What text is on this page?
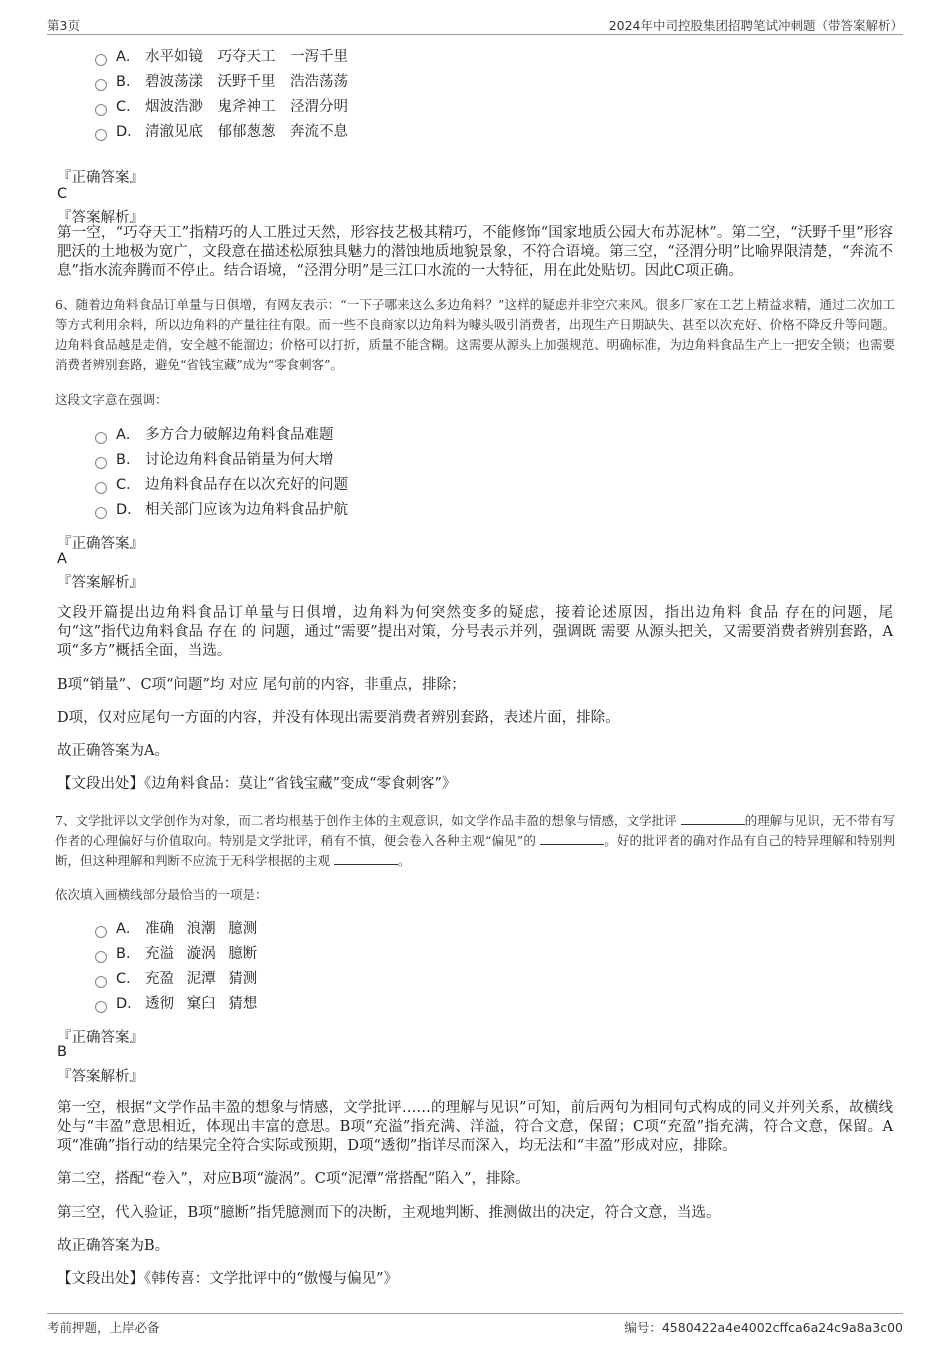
第3页	2024年中司控股集团招聘笔试冲刺题（带答案解析）
A． 水平如镜　巧夺天工　一泻千里
B． 碧波荡漾　沃野千里　浩浩荡荡
C． 烟波浩渺　鬼斧神工　泾渭分明
D． 清澈见底　郁郁葱葱　奔流不息
『正确答案』
C
『答案解析』

第一空，“巧夺天工”指精巧的人工胜过天然，形容技艺极其精巧，不能修饰“国家地质公园大布苏泥林”。第二空，“沃野千里”形容肥沃的土地极为宽广，文段意在描述松原独具魅力的潜蚀地质地貌景象，不符合语境。第三空，“泾渭分明”比喻界限清楚，“奔流不息”指水流奔腾而不停止。结合语境，“泾渭分明”是三江口水流的一大特征，用在此处贴切。因此C项正确。

6、随着边角料食品订单量与日俱增，有网友表示：“一下子哪来这么多边角料？”这样的疑虑并非空穴来风。很多厂家在工艺上精益求精，通过二次加工等方式利用余料，所以边角料的产量往往有限。而一些不良商家以边角料为噱头吸引消费者，出现生产日期缺失、甚至以次充好、价格不降反升等问题。边角料食品越是走俏，安全越不能溜边；价格可以打折，质量不能含糊。这需要从源头上加强规范、明确标准，为边角料食品生产上一把安全锁；也需要消费者辨别套路，避免“省钱宝藏”成为“零食刺客”。

这段文字意在强调：
A． 多方合力破解边角料食品难题
B． 讨论边角料食品销量为何大增
C． 边角料食品存在以次充好的问题
D． 相关部门应该为边角料食品护航
『正确答案』
A
『答案解析』

文段开篇提出边角料食品订单量与日俱增，边角料为何突然变多的疑虑，接着论述原因，指出边角料 食品 存在的问题，尾句“这”指代边角料食品 存在 的 问题，通过“需要”提出对策，分号表示并列，强调既 需要 从源头把关，又需要消费者辨别套路，A项“多方”概括全面，当选。

B项“销量”、C项“问题”均 对应 尾句前的内容，非重点，排除；

D项，仅对应尾句一方面的内容，并没有体现出需要消费者辨别套路，表述片面，排除。

故正确答案为A。

【文段出处】《边角料食品：莫让“省钱宝藏”变成“零食刺客”》

7、文学批评以文学创作为对象，而二者均根基于创作主体的主观意识，如文学作品丰盈的想象与情感，文学批评	的理解与见识，无不带有写作者的心理偏好与价值取向。特别是文学批评，稍有不慎，便会卷入各种主观“偏见”的	。好的批评者的确对作品有自己的特异理解和特别判断，但这种理解和判断不应流于无科学根据的主观	。

依次填入画横线部分最恰当的一项是：
A． 准确 浪潮 臆测
B． 充溢 漩涡 臆断
C． 充盈 泥潭 猜测
D． 透彻 窠臼 猜想
『正确答案』
B
『答案解析』

第一空，根据“文学作品丰盈的想象与情感，文学批评……的理解与见识”可知，前后两句为相同句式构成的同义并列关系，故横线处与“丰盈”意思相近，体现出丰富的意思。B项“充溢”指充满、洋溢，符合文意，保留；C项“充盈”指充满，符合文意，保留。A项“准确”指行动的结果完全符合实际或预期，D项“透彻”指详尽而深入，均无法和“丰盈”形成对应，排除。

第二空，搭配“卷入”，对应B项“漩涡”。C项“泥潭”常搭配“陷入”，排除。

第三空，代入验证，B项“臆断”指凭臆测而下的决断，主观地判断、推测做出的决定，符合文意，当选。

故正确答案为B。

【文段出处】《韩传喜：文学批评中的“傲慢与偏见”》

考前押题，上岸必备	编号：4580422a4e4002cffca6a24c9a8a3c00
